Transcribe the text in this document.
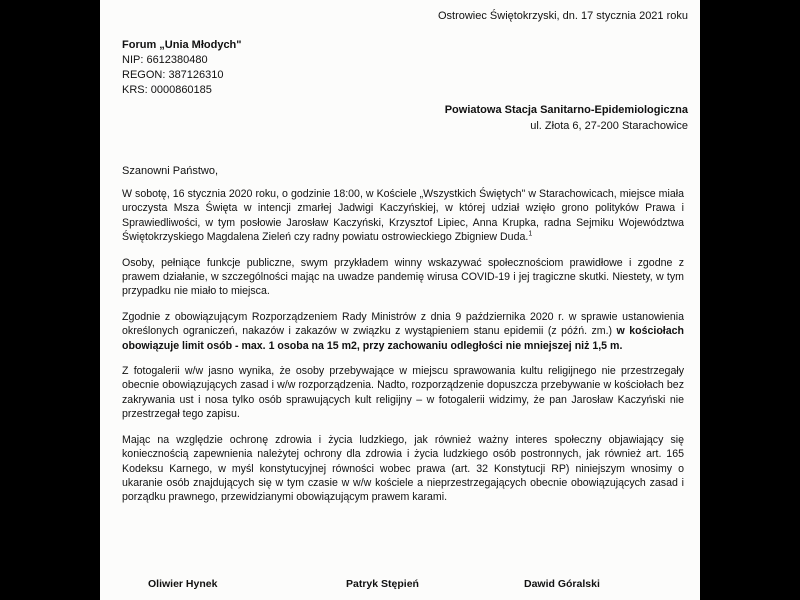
Ostrowiec Świętokrzyski, dn. 17 stycznia 2021 roku
Forum „Unia Młodych"
NIP: 6612380480
REGON: 387126310
KRS: 0000860185
Powiatowa Stacja Sanitarno-Epidemiologiczna
ul. Złota 6, 27-200 Starachowice
Szanowni Państwo,

W sobotę, 16 stycznia 2020 roku, o godzinie 18:00, w Kościele „Wszystkich Świętych" w Starachowicach, miejsce miała uroczysta Msza Święta w intencji zmarłej Jadwigi Kaczyńskiej, w której udział wzięło grono polityków Prawa i Sprawiedliwości, w tym posłowie Jarosław Kaczyński, Krzysztof Lipiec, Anna Krupka, radna Sejmiku Województwa Świętokrzyskiego Magdalena Zieleń czy radny powiatu ostrowieckiego Zbigniew Duda.$^1$

Osoby, pełniące funkcje publiczne, swym przykładem winny wskazywać społecznościom prawidłowe i zgodne z prawem działanie, w szczególności mając na uwadze pandemię wirusa COVID-19 i jej tragiczne skutki. Niestety, w tym przypadku nie miało to miejsca.

Zgodnie z obowiązującym Rozporządzeniem Rady Ministrów z dnia 9 października 2020 r. w sprawie ustanowienia określonych ograniczeń, nakazów i zakazów w związku z wystąpieniem stanu epidemii (z późń. zm.) w kościołach obowiązuje limit osób - max. 1 osoba na 15 m2, przy zachowaniu odległości nie mniejszej niż 1,5 m.

Z fotogalerii w/w jasno wynika, że osoby przebywające w miejscu sprawowania kultu religijnego nie przestrzegały obecnie obowiązujących zasad i w/w rozporządzenia. Nadto, rozporządzenie dopuszcza przebywanie w kościołach bez zakrywania ust i nosa tylko osób sprawujących kult religijny – w fotogalerii widzimy, że pan Jarosław Kaczyński nie przestrzegał tego zapisu.

Mając na względzie ochronę zdrowia i życia ludzkiego, jak również ważny interes społeczny objawiający się koniecznością zapewnienia należytej ochrony dla zdrowia i życia ludzkiego osób postronnych, jak również art. 165 Kodeksu Karnego, w myśl konstytucyjnej równości wobec prawa (art. 32 Konstytucji RP) niniejszym wnosimy o ukaranie osób znajdujących się w tym czasie w w/w kościele a nieprzestrzegających obecnie obowiązujących zasad i porządku prawnego, przewidzianymi obowiązującym prawem karami.

Oliwier Hynek	Patryk Stępień	Dawid Góralski
